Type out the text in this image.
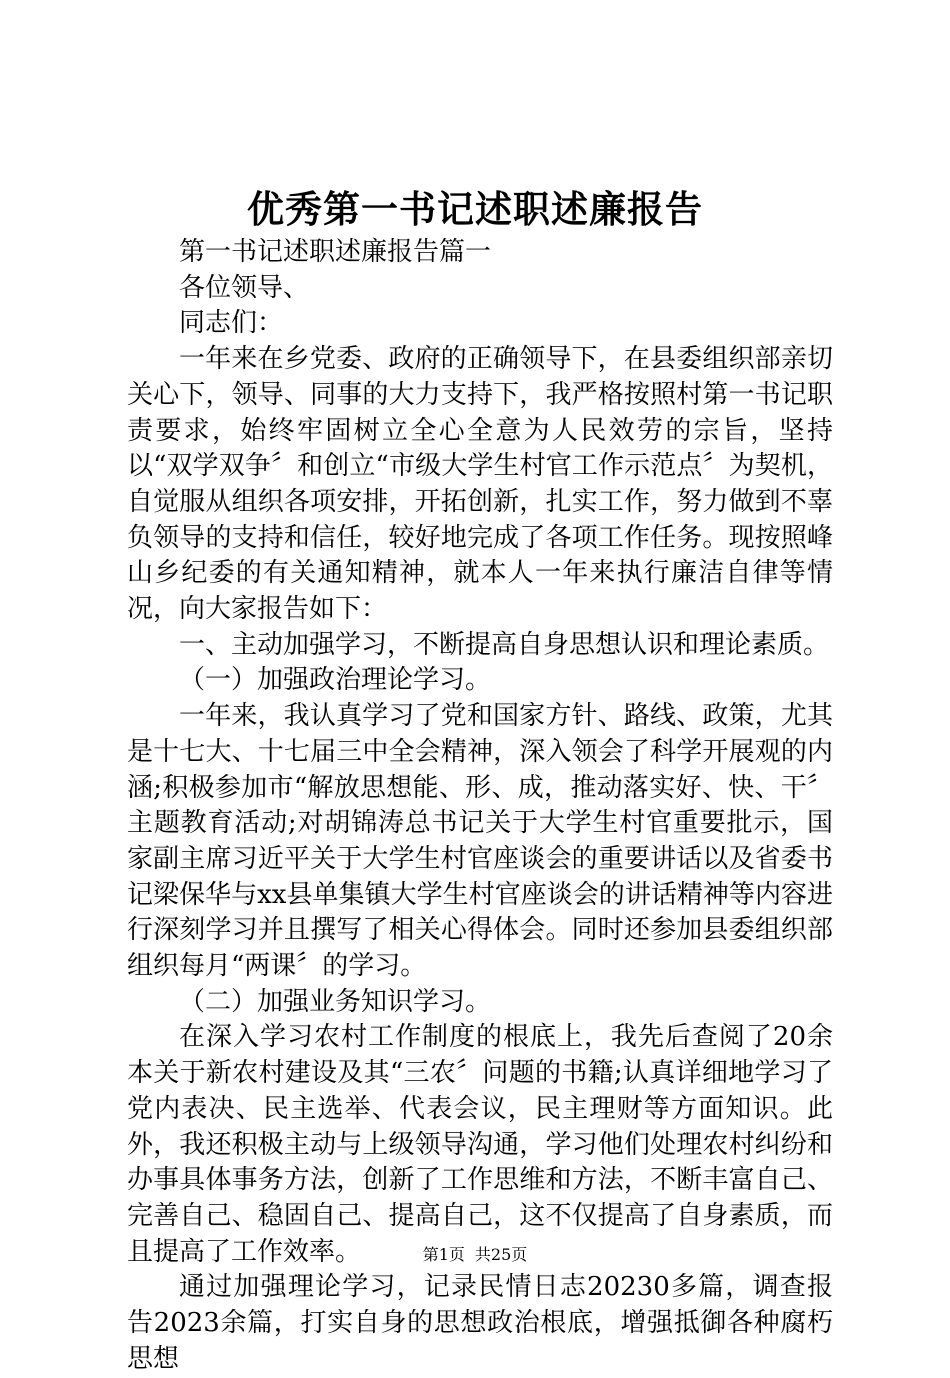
优秀第一书记述职述廉报告

第一书记述职述廉报告篇一

各位领导、

同志们：

一年来在乡党委、政府的正确领导下，在县委组织部亲切关心下，领导、同事的大力支持下，我严格按照村第一书记职责要求，始终牢固树立全心全意为人民效劳的宗旨，坚持以“双学双争〞和创立“市级大学生村官工作示范点〞为契机，自觉服从组织各项安排，开拓创新，扎实工作，努力做到不辜负领导的支持和信任，较好地完成了各项工作任务。现按照峰山乡纪委的有关通知精神，就本人一年来执行廉洁自律等情况，向大家报告如下：

一、主动加强学习，不断提高自身思想认识和理论素质。

（一）加强政治理论学习。

一年来，我认真学习了党和国家方针、路线、政策，尤其是十七大、十七届三中全会精神，深入领会了科学开展观的内涵;积极参加市“解放思想能、形、成，推动落实好、快、干〞主题教育活动;对胡锦涛总书记关于大学生村官重要批示，国家副主席习近平关于大学生村官座谈会的重要讲话以及省委书记梁保华与xx县单集镇大学生村官座谈会的讲话精神等内容进行深刻学习并且撰写了相关心得体会。同时还参加县委组织部组织每月“两课〞的学习。

（二）加强业务知识学习。

在深入学习农村工作制度的根底上，我先后查阅了20余本关于新农村建设及其“三农〞问题的书籍;认真详细地学习了党内表决、民主选举、代表会议，民主理财等方面知识。此外，我还积极主动与上级领导沟通，学习他们处理农村纠纷和办事具体事务方法，创新了工作思维和方法，不断丰富自己、完善自己、稳固自己、提高自己，这不仅提高了自身素质，而且提高了工作效率。

通过加强理论学习，记录民情日志20230多篇，调查报告2023余篇，打实自身的思想政治根底，增强抵御各种腐朽思想

第1页 共25页
